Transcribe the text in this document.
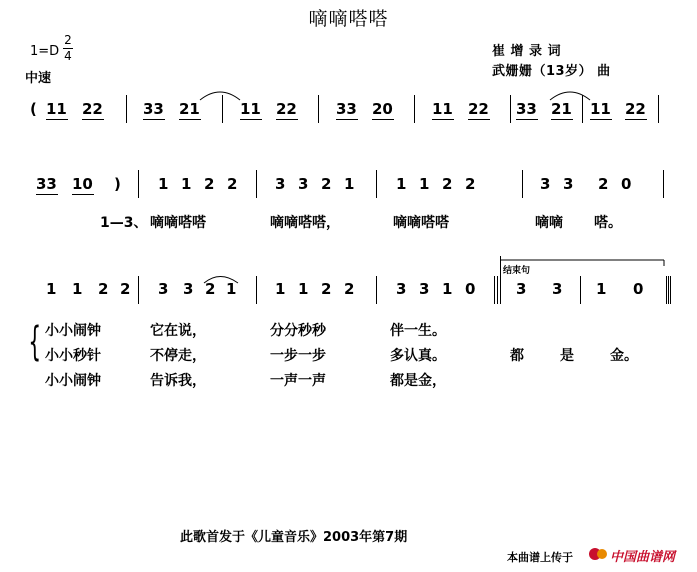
嘀嘀嗒嗒
1=D
2
4
中速
崔 增 录 词
武姗姗（13岁） 曲
( 11 22	33 21	11 22	33 20	11 22 33 21 11 22
33 10 ) 1 1 2 2	3 3 2 1	1 1 2 2	3 3 2 0
1—3、 嘀嘀嗒嗒	嘀嘀嗒嗒，	嘀嘀嗒嗒	嘀嘀 嗒。
1 1 2 2 3 3 2 1	1 1 2 2	3 3 1 0	3 3 1 0
结束句
小小闹钟	它在说，	分分秒秒	伴一生。
小小秒针	不停走，	一步一步	多认真。	都	是	金。
小小闹钟	告诉我，	一声一声	都是金，
{
此歌首发于《儿童音乐》2003年第7期
本曲谱上传于	中国曲谱网
